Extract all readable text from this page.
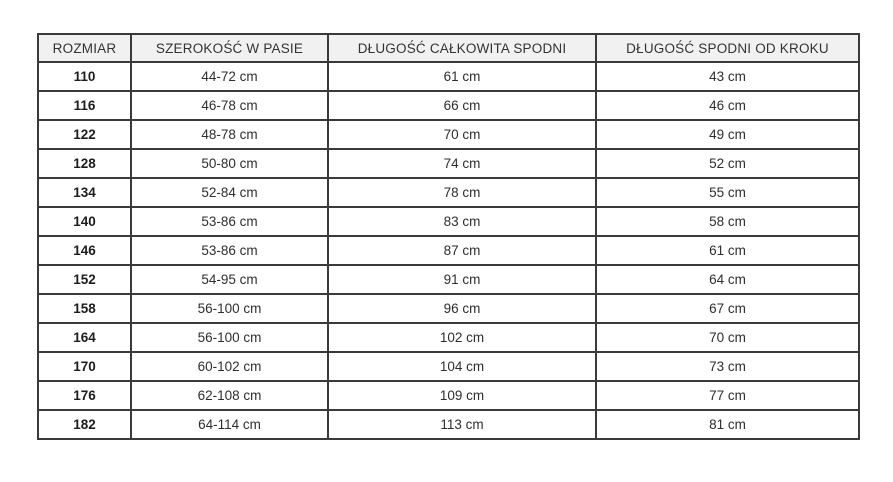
ROZMIAR	SZEROKOŚĆ W PASIE	DŁUGOŚĆ CAŁKOWITA SPODNI	DŁUGOŚĆ SPODNI OD KROKU
110	44-72 cm	61 cm	43 cm
116	46-78 cm	66 cm	46 cm
122	48-78 cm	70 cm	49 cm
128	50-80 cm	74 cm	52 cm
134	52-84 cm	78 cm	55 cm
140	53-86 cm	83 cm	58 cm
146	53-86 cm	87 cm	61 cm
152	54-95 cm	91 cm	64 cm
158	56-100 cm	96 cm	67 cm
164	56-100 cm	102 cm	70 cm
170	60-102 cm	104 cm	73 cm
176	62-108 cm	109 cm	77 cm
182	64-114 cm	113 cm	81 cm
